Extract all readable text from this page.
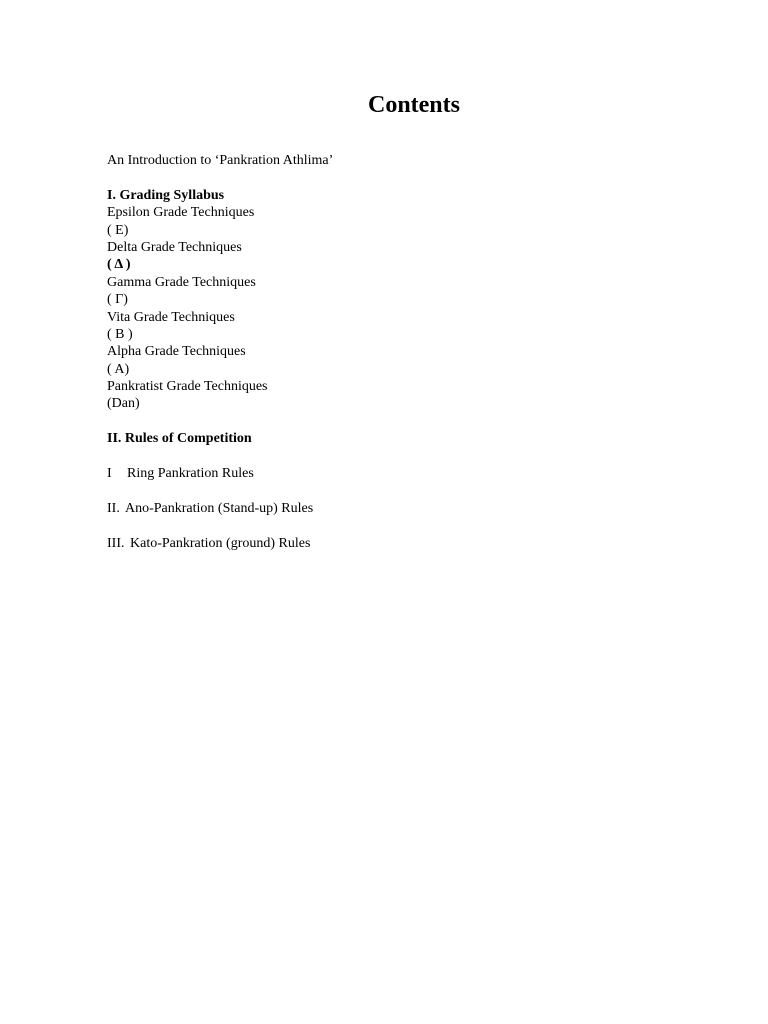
Contents
An Introduction to ‘Pankration Athlima’
I. Grading Syllabus
Epsilon Grade Techniques
( E)
Delta Grade Techniques
( Δ )
Gamma Grade Techniques
( Γ)
Vita Grade Techniques
( B )
Alpha Grade Techniques
( A)
Pankratist Grade Techniques
(Dan)
II. Rules of Competition
I Ring Pankration Rules
II. Ano-Pankration (Stand-up) Rules
III. Kato-Pankration (ground) Rules
